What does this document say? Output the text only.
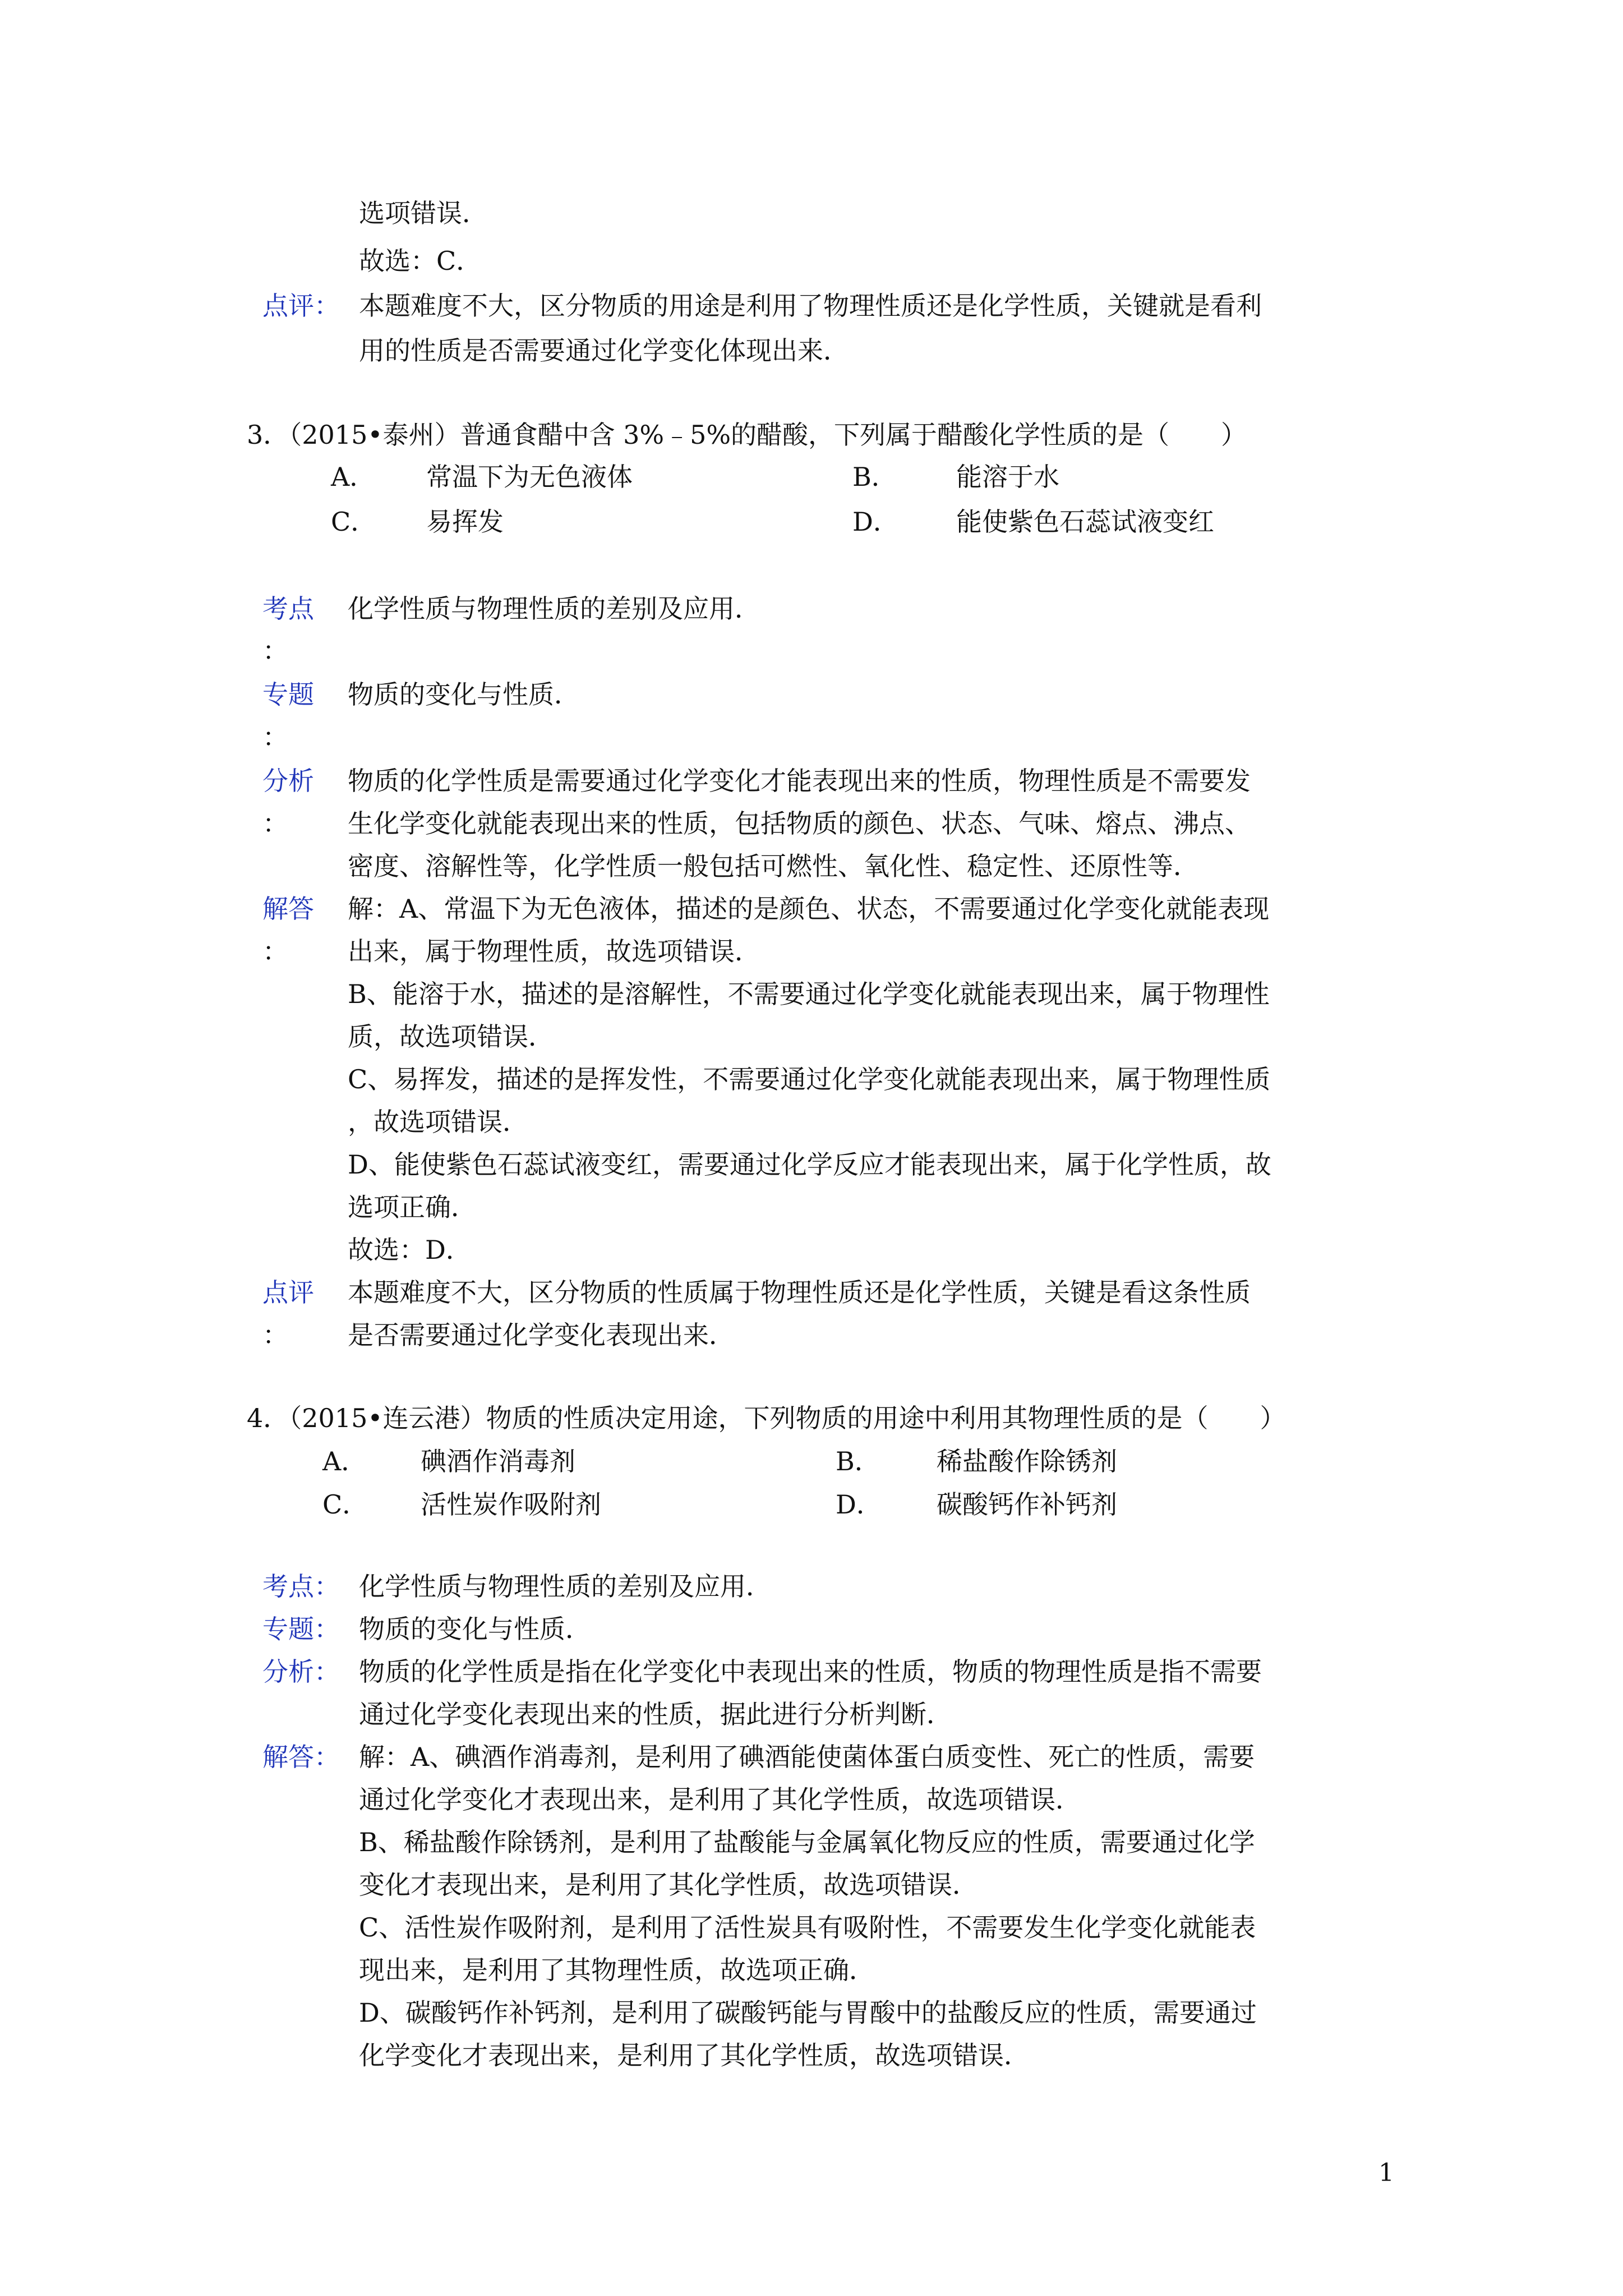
选项错误．
故选：C．
点评： 本题难度不大，区分物质的用途是利用了物理性质还是化学性质，关键就是看利
用的性质是否需要通过化学变化体现出来．
3．（2015•泰州）普通食醋中含 3%﹣5%的醋酸，下列属于醋酸化学性质的是（　　）
A． 常温下为无色液体	B． 能溶于水
C． 易挥发	D． 能使紫色石蕊试液变红
考点
：
化学性质与物理性质的差别及应用．
专题
：
物质的变化与性质．
分析
：
物质的化学性质是需要通过化学变化才能表现出来的性质，物理性质是不需要发
生化学变化就能表现出来的性质，包括物质的颜色、状态、气味、熔点、沸点、
密度、溶解性等，化学性质一般包括可燃性、氧化性、稳定性、还原性等．
解答
：
解：A、常温下为无色液体，描述的是颜色、状态，不需要通过化学变化就能表现
出来，属于物理性质，故选项错误．
B、能溶于水，描述的是溶解性，不需要通过化学变化就能表现出来，属于物理性
质，故选项错误．
C、易挥发，描述的是挥发性，不需要通过化学变化就能表现出来，属于物理性质
，故选项错误．
D、能使紫色石蕊试液变红，需要通过化学反应才能表现出来，属于化学性质，故
选项正确．
故选：D．
点评
：
本题难度不大，区分物质的性质属于物理性质还是化学性质，关键是看这条性质
是否需要通过化学变化表现出来．
4．（2015•连云港）物质的性质决定用途，下列物质的用途中利用其物理性质的是（　　）
A． 碘酒作消毒剂	B． 稀盐酸作除锈剂
C． 活性炭作吸附剂	D． 碳酸钙作补钙剂
考点： 化学性质与物理性质的差别及应用．
专题： 物质的变化与性质．
分析： 物质的化学性质是指在化学变化中表现出来的性质，物质的物理性质是指不需要
通过化学变化表现出来的性质，据此进行分析判断．
解答： 解：A、碘酒作消毒剂，是利用了碘酒能使菌体蛋白质变性、死亡的性质，需要
通过化学变化才表现出来，是利用了其化学性质，故选项错误．
B、稀盐酸作除锈剂，是利用了盐酸能与金属氧化物反应的性质，需要通过化学
变化才表现出来，是利用了其化学性质，故选项错误．
C、活性炭作吸附剂，是利用了活性炭具有吸附性，不需要发生化学变化就能表
现出来，是利用了其物理性质，故选项正确．
D、碳酸钙作补钙剂，是利用了碳酸钙能与胃酸中的盐酸反应的性质，需要通过
化学变化才表现出来，是利用了其化学性质，故选项错误．
1
